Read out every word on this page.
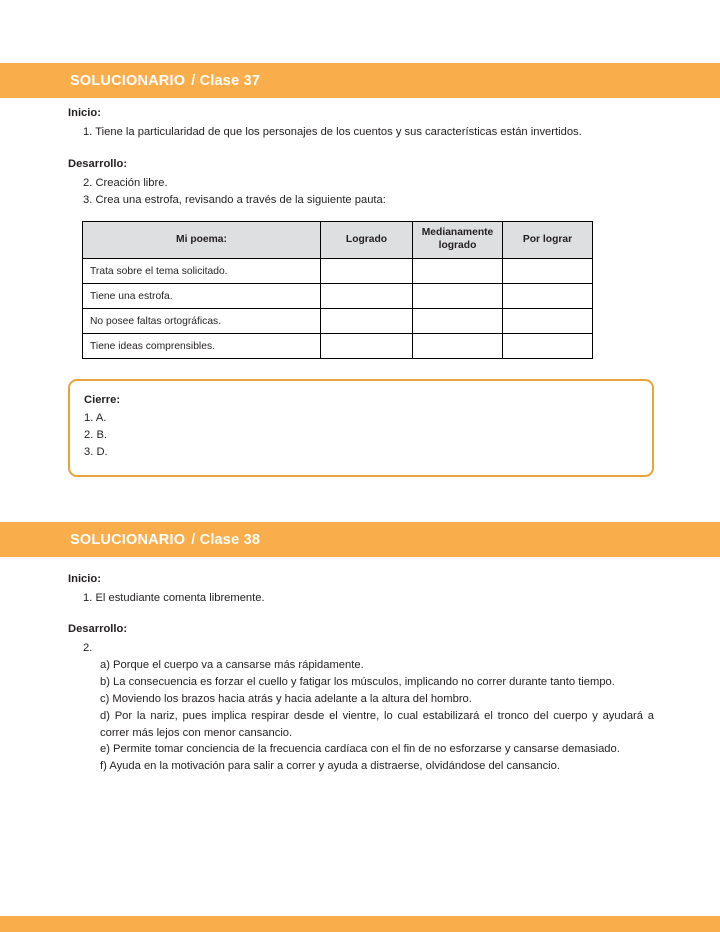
SOLUCIONARIO / Clase 37

Inicio:

1. Tiene la particularidad de que los personajes de los cuentos y sus características están invertidos.

Desarrollo:

2. Creación libre.

3. Crea una estrofa, revisando a través de la siguiente pauta:

Mi poema:	Logrado	Medianamente logrado	Por lograr
Trata sobre el tema solicitado.			
Tiene una estrofa.			
No posee faltas ortográficas.			
Tiene ideas comprensibles.			

Cierre:

1. A.

2. B.

3. D.

SOLUCIONARIO / Clase 38

Inicio:

1. El estudiante comenta libremente.

Desarrollo:

2.

a) Porque el cuerpo va a cansarse más rápidamente.

b) La consecuencia es forzar el cuello y fatigar los músculos, implicando no correr durante tanto tiempo.

c) Moviendo los brazos hacia atrás y hacia adelante a la altura del hombro.

d) Por la nariz, pues implica respirar desde el vientre, lo cual estabilizará el tronco del cuerpo y ayudará a correr más lejos con menor cansancio.

e) Permite tomar conciencia de la frecuencia cardíaca con el fin de no esforzarse y cansarse demasiado.

f) Ayuda en la motivación para salir a correr y ayuda a distraerse, olvidándose del cansancio.
